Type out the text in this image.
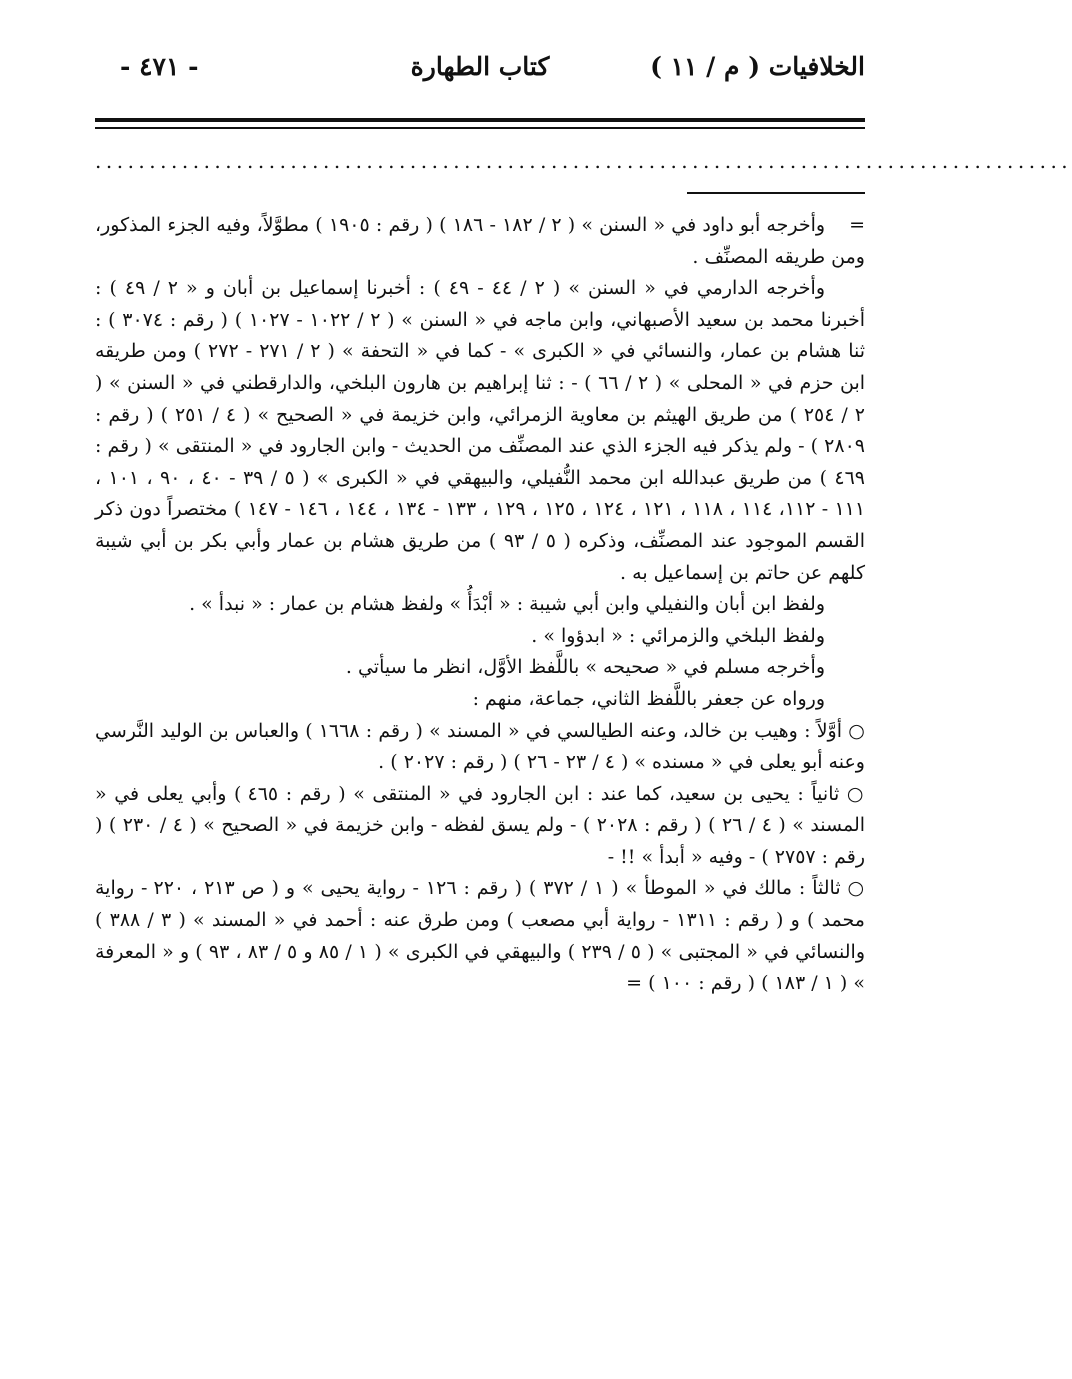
الخلافيات ( م / ١١ )
كتاب الطهارة
- ٤٧١ -
..........................................................................................

=وأخرجه أبو داود في « السنن » ( ٢ / ١٨٢ - ١٨٦ ) ( رقم : ١٩٠٥ ) مطوَّلاً، وفيه الجزء المذكور، ومن طريقه المصنِّف .

وأخرجه الدارمي في « السنن » ( ٢ / ٤٤ - ٤٩ ) : أخبرنا إسماعيل بن أبان و « ٢ / ٤٩ ) : أخبرنا محمد بن سعيد الأصبهاني، وابن ماجه في « السنن » ( ٢ / ١٠٢٢ - ١٠٢٧ ) ( رقم : ٣٠٧٤ ) : ثنا هشام بن عمار، والنسائي في « الكبرى » - كما في « التحفة » ( ٢ / ٢٧١ - ٢٧٢ ) ومن طريقه ابن حزم في « المحلى » ( ٢ / ٦٦ ) - : ثنا إبراهيم بن هارون البلخي، والدارقطني في « السنن » ( ٢ / ٢٥٤ ) من طريق الهيثم بن معاوية الزمرائي، وابن خزيمة في « الصحيح » ( ٤ / ٢٥١ ) ( رقم : ٢٨٠٩ ) - ولم يذكر فيه الجزء الذي عند المصنِّف من الحديث - وابن الجارود في « المنتقى » ( رقم : ٤٦٩ ) من طريق عبدالله ابن محمد النُّفيلي، والبيهقي في « الكبرى » ( ٥ / ٣٩ - ٤٠ ، ٩٠ ، ١٠١ ، ١١١ - ١١٢، ١١٤ ، ١١٨ ، ١٢١ ، ١٢٤ ، ١٢٥ ، ١٢٩ ، ١٣٣ - ١٣٤ ، ١٤٤ ، ١٤٦ - ١٤٧ ) مختصراً دون ذكر القسم الموجود عند المصنِّف، وذكره ( ٥ / ٩٣ ) من طريق هشام بن عمار وأبي بكر بن أبي شيبة كلهم عن حاتم بن إسماعيل به .

ولفظ ابن أبان والنفيلي وابن أبي شيبة : « أبْدَأُ » ولفظ هشام بن عمار : « نبدأ » .

ولفظ البلخي والزمرائي : « ابدؤوا » .

وأخرجه مسلم في « صحيحه » باللَّفظ الأوَّل، انظر ما سيأتي .

ورواه عن جعفر باللَّفظ الثاني، جماعة، منهم :

○ أوَّلاً : وهيب بن خالد، وعنه الطيالسي في « المسند » ( رقم : ١٦٦٨ ) والعباس بن الوليد النَّرسي وعنه أبو يعلى في « مسنده » ( ٤ / ٢٣ - ٢٦ ) ( رقم : ٢٠٢٧ ) .

○ ثانياً : يحيى بن سعيد، كما عند : ابن الجارود في « المنتقى » ( رقم : ٤٦٥ ) وأبي يعلى في « المسند » ( ٤ / ٢٦ ) ( رقم : ٢٠٢٨ ) - ولم يسق لفظه - وابن خزيمة في « الصحيح » ( ٤ / ٢٣٠ ) ( رقم : ٢٧٥٧ ) - وفيه « أبدأ » !! -

○ ثالثاً : مالك في « الموطأ » ( ١ / ٣٧٢ ) ( رقم : ١٢٦ - رواية يحيى » و ( ص ٢١٣ ، ٢٢٠ - رواية محمد ) و ( رقم : ١٣١١ - رواية أبي مصعب ) ومن طرق عنه : أحمد في « المسند » ( ٣ / ٣٨٨ ) والنسائي في « المجتبى » ( ٥ / ٢٣٩ ) والبيهقي في الكبرى » ( ١ / ٨٥ و ٥ / ٨٣ ، ٩٣ ) و « المعرفة » ( ١ / ١٨٣ ) ( رقم : ١٠٠ ) =
